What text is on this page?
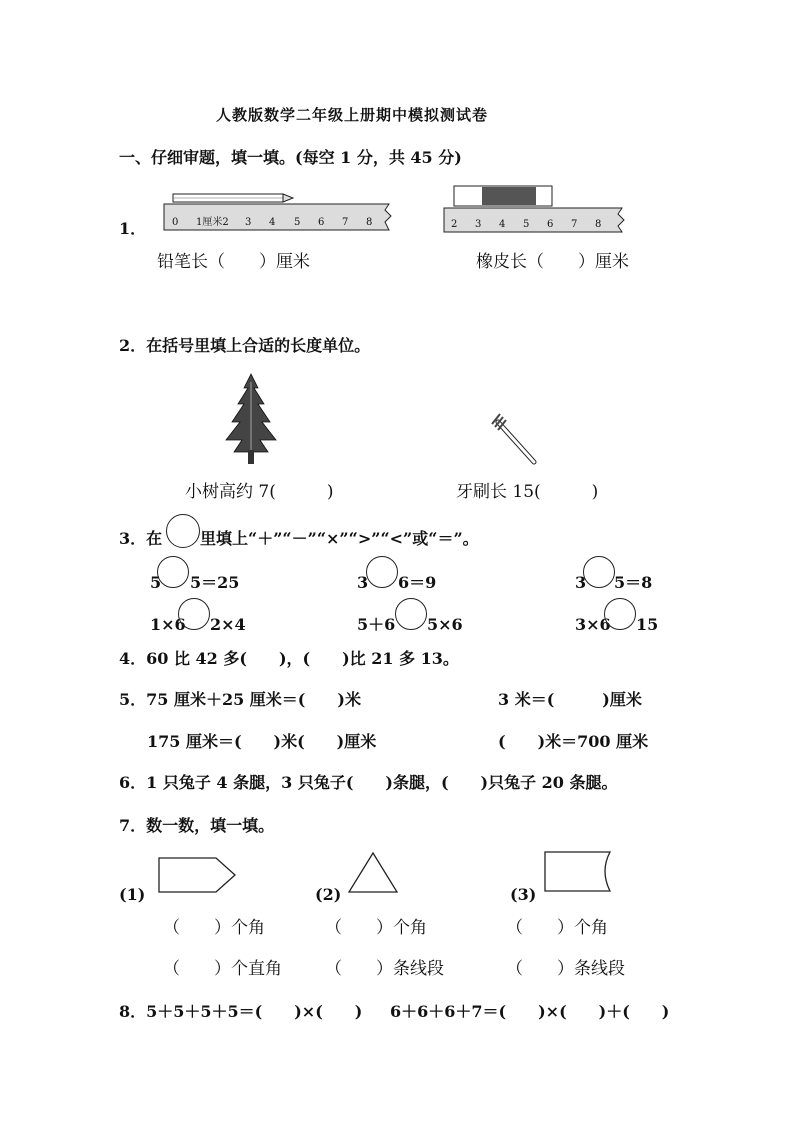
人教版数学二年级上册期中模拟测试卷
一、仔细审题，填一填。(每空 1 分，共 45 分)
1．	0 1厘米2 3 4 5 6 7 8	2 3 4 5 6 7 8
铅笔长（　　）厘米	橡皮长（　　）厘米
2．在括号里填上合适的长度单位。
小树高约 7(　　　)	牙刷长 15(　　　)
3．在 里填上“＋”“－”“×”“>”“<”或“＝”。
5 5＝25	3 6＝9	3 5＝8
1×6 2×4	5＋6 5×6	3×6 15
4．60 比 42 多(　　)，(　　)比 21 多 13。
5．75 厘米＋25 厘米＝(　　)米	3 米＝(　　　)厘米
175 厘米＝(　　)米(　　)厘米	(　　)米＝700 厘米
6．1 只兔子 4 条腿，3 只兔子(　　)条腿，(　　)只兔子 20 条腿。
7．数一数，填一填。
(1)	(2)	(3)
（　　）个角	（　　）个角	（　　）个角
（　　）个直角	（　　）条线段	（　　）条线段
8．5＋5＋5＋5＝(　　)×(　　) 6＋6＋6＋7＝(　　)×(　　)＋(　　)
